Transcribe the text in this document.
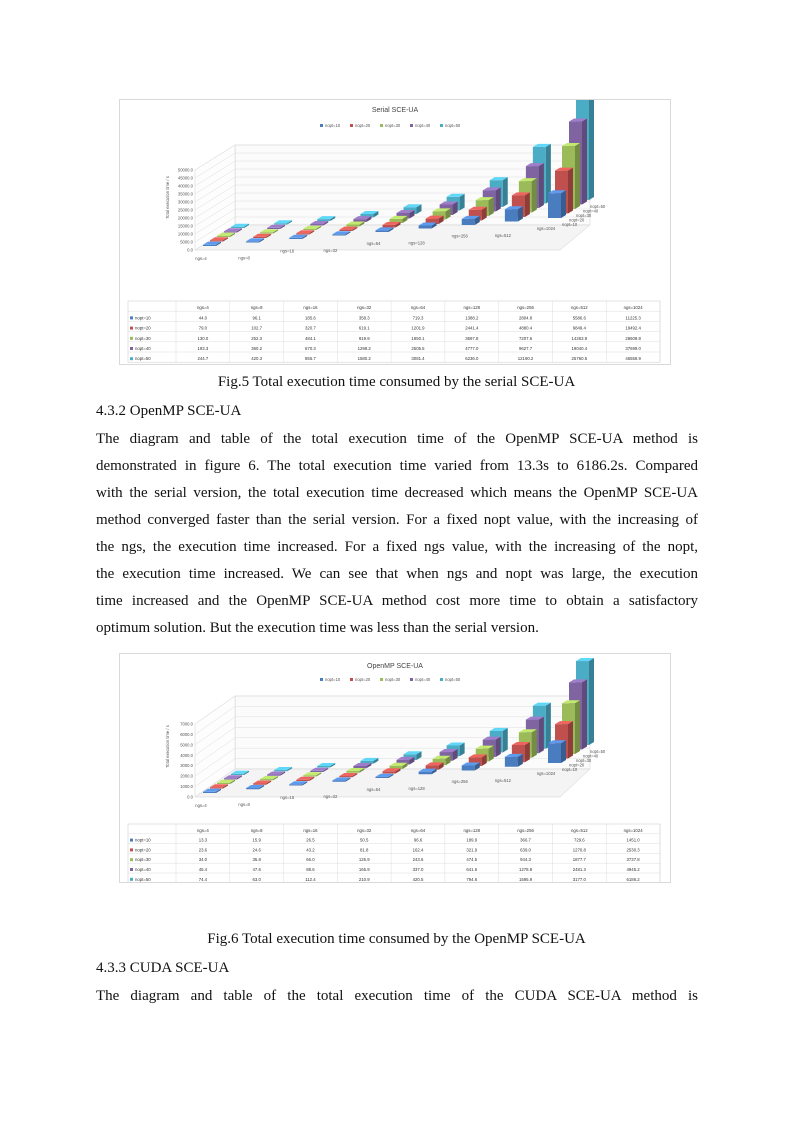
Serial SCE-UA
nopt=10	nopt=20	nopt=30	nopt=40	nopt=50
50000.0
45000.0
40000.0
35000.0
30000.0
25000.0
20000.0
15000.0
10000.0
5000.0
0.0
Total execution time / s	nopt=50
nopt=40
nopt=30
nopt=20
nopt=10
ngs=4	ngs=8
ngs=16	ngs=32
ngs=64	ngs=128
ngs=256	ngs=512
ngs=1024
ngs=4	ngs=8	ngs=16	ngs=32	ngs=64	ngs=128	ngs=256	ngs=512	ngs=1024
nopt=10	44.0	96.1	185.6	358.3	719.3	1388.2	2804.8	5586.6	11225.3
nopt=20	79.0	102.7	320.7	619.1	1201.9	2441.4	4880.4	9849.4	19492.4
nopt=30	130.0	252.3	484.1	919.9	1850.1	3697.8	7207.6	14263.9	28609.8
nopt=40	193.3	360.2	670.3	1298.2	2505.5	4777.0	9627.7	19040.4	37699.0
nopt=50	244.7	420.3	855.7	1580.2	3081.4	6236.0	12190.2	25760.5	46559.9
Fig.5 Total execution time consumed by the serial SCE-UA
4.3.2 OpenMP SCE-UA
The diagram and table of the total execution time of the OpenMP SCE-UA method is
demonstrated in figure 6. The total execution time varied from 13.3s to 6186.2s. Compared
with the serial version, the total execution time decreased which means the OpenMP SCE-UA
method converged faster than the serial version. For a fixed nopt value, with the increasing of
the ngs, the execution time increased. For a fixed ngs value, with the increasing of the nopt,
the execution time increased. We can see that when ngs and nopt was large, the execution
time increased and the OpenMP SCE-UA method cost more time to obtain a satisfactory
optimum solution. But the execution time was less than the serial version.
OpenMP SCE-UA
nopt=10	nopt=20	nopt=30	nopt=40	nopt=50
7000.0
6000.0
5000.0
4000.0
3000.0
2000.0
1000.0
0.0
Total execution time / s	nopt=50
nopt=40
nopt=30
nopt=20
nopt=10
ngs=4	ngs=8
ngs=16	ngs=32
ngs=64	ngs=128
ngs=256	ngs=512
ngs=1024
ngs=4	ngs=8	ngs=16	ngs=32	ngs=64	ngs=128	ngs=256	ngs=512	ngs=1024
nopt=10	13.3	15.9	26.5	50.5	96.6	189.9	366.7	729.6	1451.0
nopt=20	23.6	24.6	43.2	81.8	162.4	321.9	639.0	1270.8	2530.3
nopt=30	34.0	35.8	66.0	125.9	243.6	474.5	944.3	1877.7	3737.8
nopt=40	45.4	47.6	88.6	165.9	337.0	641.6	1278.8	2481.3	4945.2
nopt=50	74.4	63.0	112.4	210.9	420.5	794.6	1595.9	3177.0	6186.2
Fig.6 Total execution time consumed by the OpenMP SCE-UA
4.3.3 CUDA SCE-UA
The diagram and table of the total execution time of the CUDA SCE-UA method is
